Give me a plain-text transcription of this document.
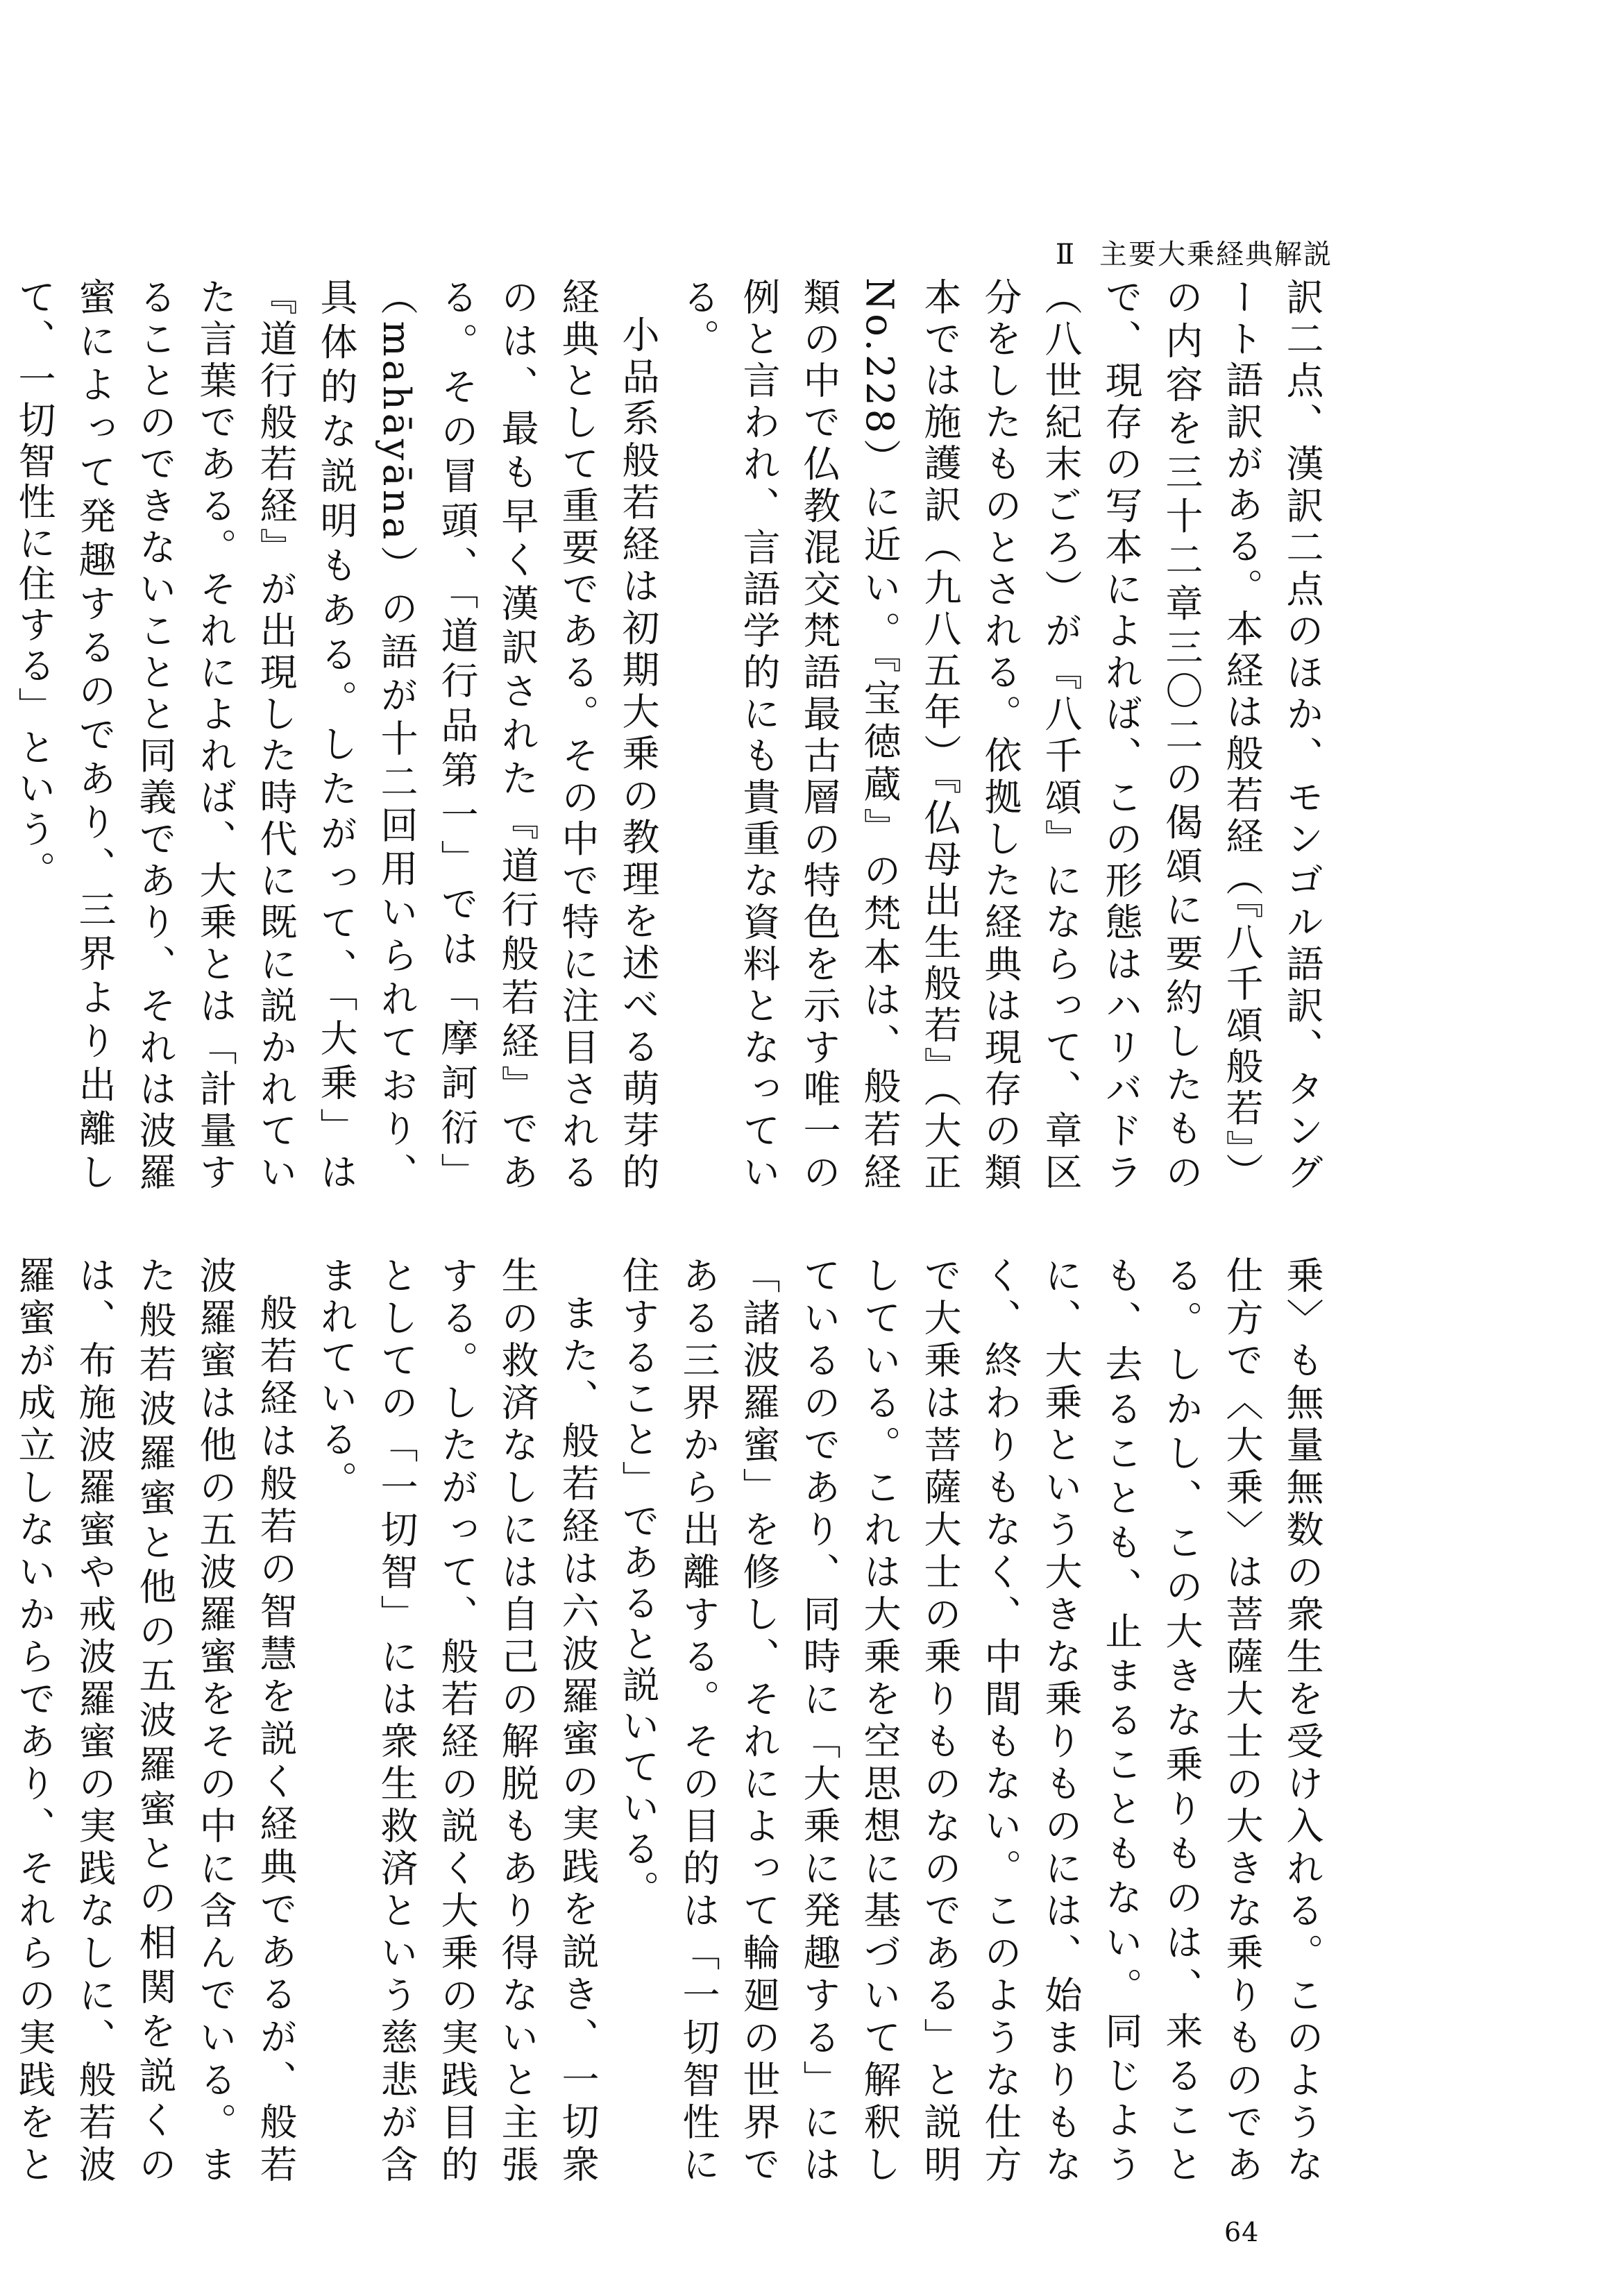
Ⅱ 主要大乗経典解説

訳二点、漢訳二点のほか、モンゴル語訳、タングート語訳がある。本経は般若経（『八千頌般若』）の内容を三十二章三〇二の偈頌に要約したもので、現存の写本によれば、この形態はハリバドラ（八世紀末ごろ）が『八千頌』にならって、章区分をしたものとされる。依拠した経典は現存の類本では施護訳（九八五年）『仏母出生般若』（大正No.228）に近い。『宝徳蔵』の梵本は、般若経類の中で仏教混交梵語最古層の特色を示す唯一の例と言われ、言語学的にも貴重な資料となっている。

小品系般若経は初期大乗の教理を述べる萌芽的経典として重要である。その中で特に注目されるのは、最も早く漢訳された『道行般若経』である。その冒頭、「道行品第一」では「摩訶衍」（mahāyāna）の語が十二回用いられており、具体的な説明もある。したがって、「大乗」は『道行般若経』が出現した時代に既に説かれていた言葉である。それによれば、大乗とは「計量することのできないことと同義であり、それは波羅蜜によって発趣するのであり、三界より出離して、一切智性に住する」という。

乗〉も無量無数の衆生を受け入れる。このような仕方で〈大乗〉は菩薩大士の大きな乗りものである。しかし、この大きな乗りものは、来ることも、去ることも、止まることもない。同じように、大乗という大きな乗りものには、始まりもなく、終わりもなく、中間もない。このような仕方で大乗は菩薩大士の乗りものなのである」と説明している。これは大乗を空思想に基づいて解釈しているのであり、同時に「大乗に発趣する」には「諸波羅蜜」を修し、それによって輪廻の世界である三界から出離する。その目的は「一切智性に住すること」であると説いている。

また、般若経は六波羅蜜の実践を説き、一切衆生の救済なしには自己の解脱もあり得ないと主張する。したがって、般若経の説く大乗の実践目的としての「一切智」には衆生救済という慈悲が含まれている。

般若経は般若の智慧を説く経典であるが、般若波羅蜜は他の五波羅蜜をその中に含んでいる。また般若波羅蜜と他の五波羅蜜との相関を説くのは、布施波羅蜜や戒波羅蜜の実践なしに、般若波羅蜜が成立しないからであり、それらの実践をと

64
